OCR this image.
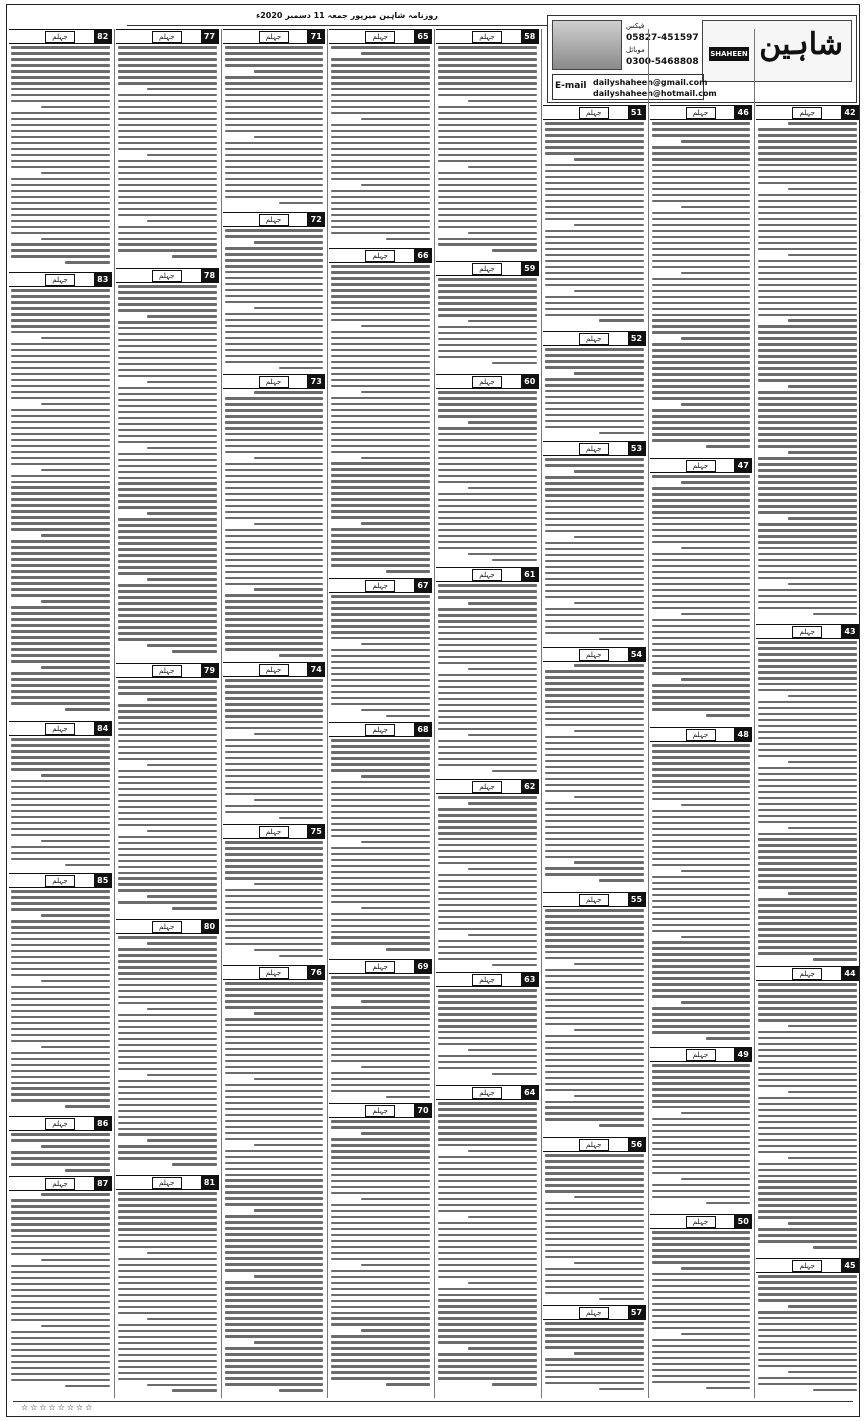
روزنامہ شاہین میرپور جمعہ 11 دسمبر 2020ء
شاہین
SHAHEEN
فیکس
05827-451597
موبائل
0300-5468808
E-mail dailyshaheen@gmail.com
dailyshaheen@hotmail.com
42
جہلم
43
جہلم
44
جہلم
45
جہلم
46
جہلم
47
جہلم
48
جہلم
49
جہلم
50
جہلم
51
جہلم
52
جہلم
53
جہلم
54
جہلم
55
جہلم
56
جہلم
57
جہلم
58
جہلم
59
جہلم
60
جہلم
61
جہلم
62
جہلم
63
جہلم
64
جہلم
65
جہلم
66
جہلم
67
جہلم
68
جہلم
69
جہلم
70
جہلم
71
جہلم
72
جہلم
73
جہلم
74
جہلم
75
جہلم
76
جہلم
77
جہلم
78
جہلم
79
جہلم
80
جہلم
81
جہلم
82
جہلم
83
جہلم
84
جہلم
85
جہلم
86
جہلم
87
جہلم
☆☆☆☆☆☆☆☆
